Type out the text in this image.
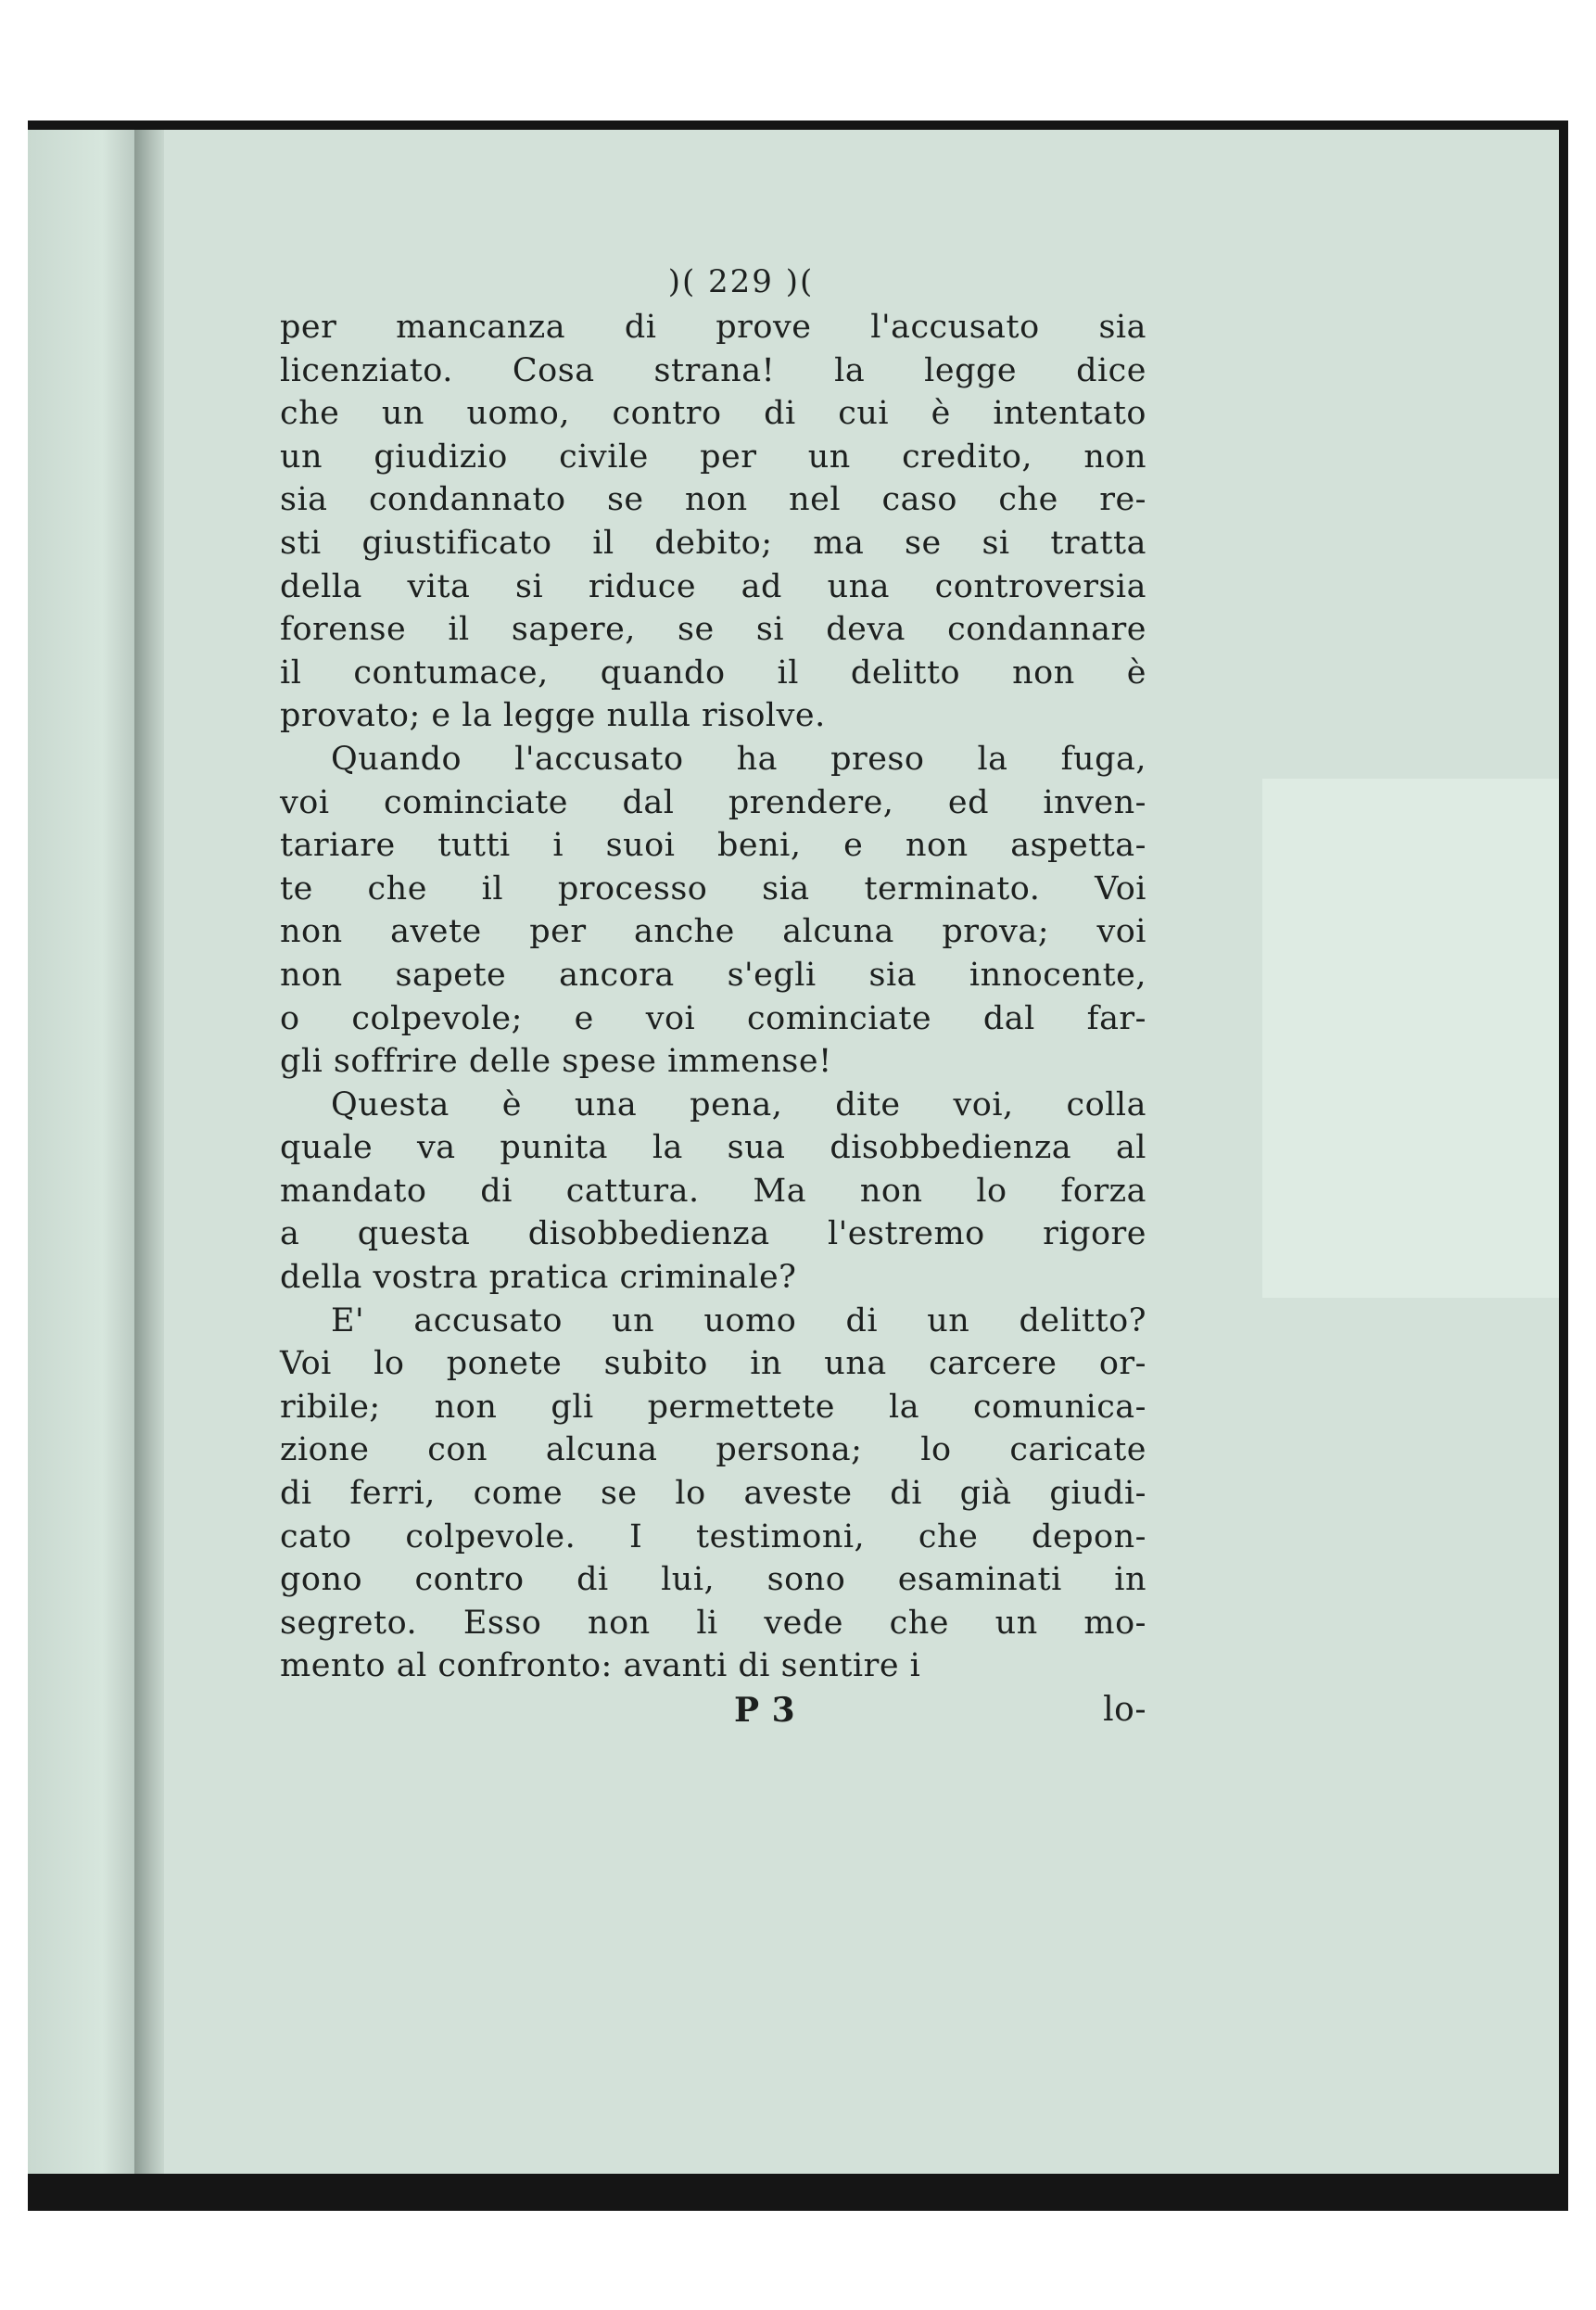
)( 229 )(
per mancanza di prove l'accusato sia
licenziato. Cosa strana! la legge dice
che un uomo, contro di cui è intentato
un giudizio civile per un credito, non
sia condannato se non nel caso che re-
sti giustificato il debito; ma se si tratta
della vita si riduce ad una controversia
forense il sapere, se si deva condannare
il contumace, quando il delitto non è
provato; e la legge nulla risolve.
Quando l'accusato ha preso la fuga,
voi cominciate dal prendere, ed inven-
tariare tutti i suoi beni, e non aspetta-
te che il processo sia terminato. Voi
non avete per anche alcuna prova; voi
non sapete ancora s'egli sia innocente,
o colpevole; e voi cominciate dal far-
gli soffrire delle spese immense!
Questa è una pena, dite voi, colla
quale va punita la sua disobbedienza al
mandato di cattura. Ma non lo forza
a questa disobbedienza l'estremo rigore
della vostra pratica criminale?
E' accusato un uomo di un delitto?
Voi lo ponete subito in una carcere or-
ribile; non gli permettete la comunica-
zione con alcuna persona; lo caricate
di ferri, come se lo aveste di già giudi-
cato colpevole. I testimoni, che depon-
gono contro di lui, sono esaminati in
segreto. Esso non li vede che un mo-
mento al confronto: avanti di sentire i
P 3	lo-
